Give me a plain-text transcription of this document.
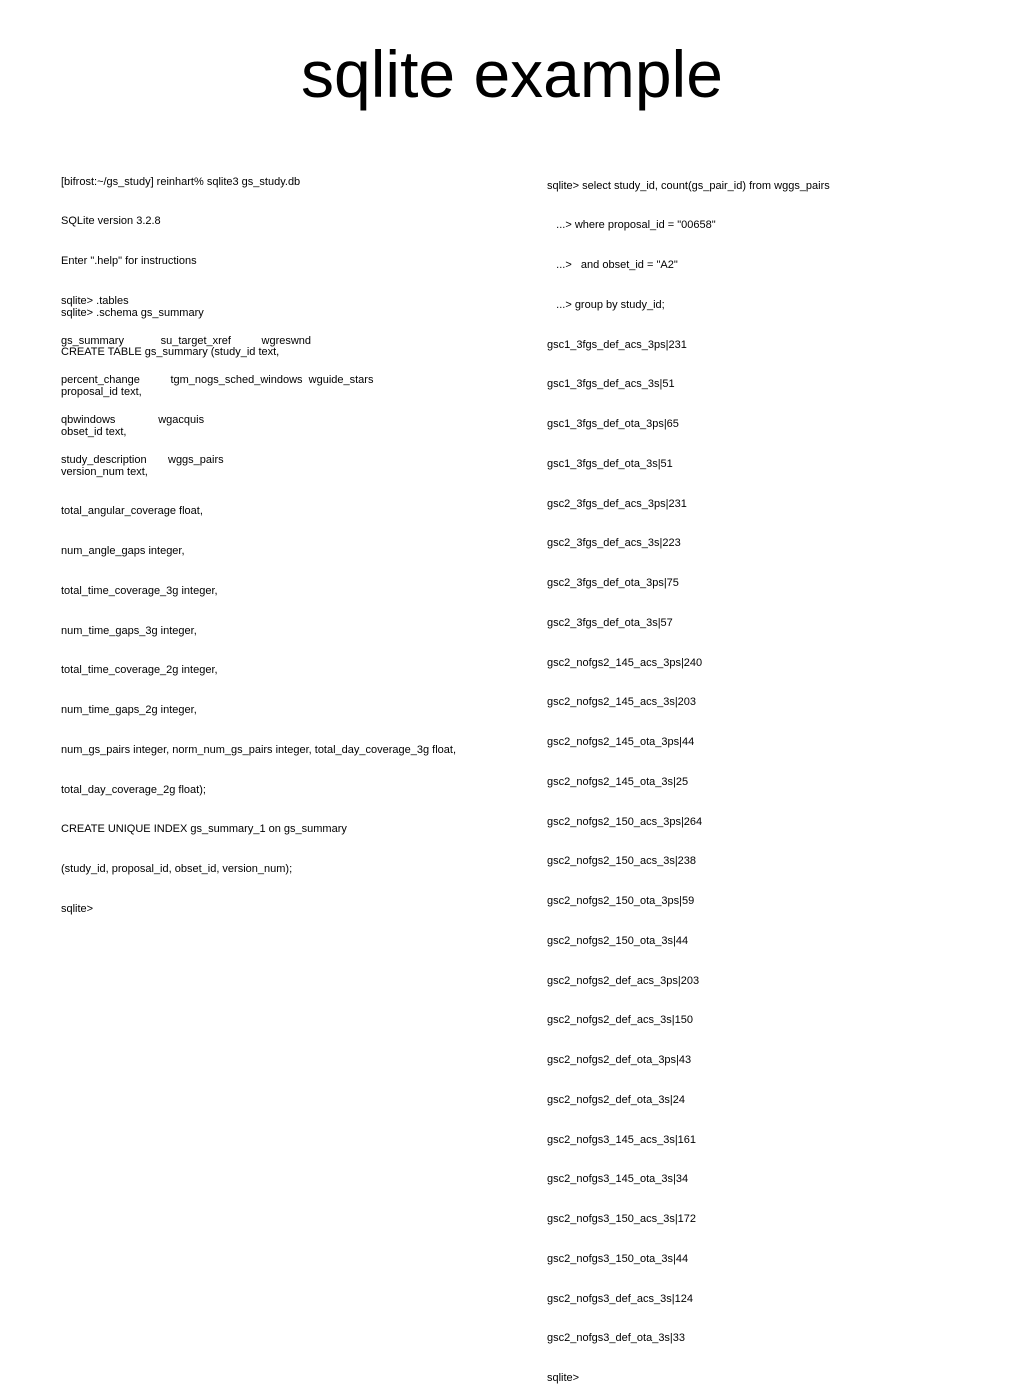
sqlite example

[bifrost:~/gs_study] reinhart% sqlite3 gs_study.db

SQLite version 3.2.8

Enter ".help" for instructions

sqlite> .tables

gs_summary            su_target_xref          wgreswnd

percent_change          tgm_nogs_sched_windows  wguide_stars

qbwindows              wgacquis

study_description       wggs_pairs

sqlite> .schema gs_summary

CREATE TABLE gs_summary (study_id text,

proposal_id text,

obset_id text,

version_num text,

total_angular_coverage float,

num_angle_gaps integer,

total_time_coverage_3g integer,

num_time_gaps_3g integer,

total_time_coverage_2g integer,

num_time_gaps_2g integer,

num_gs_pairs integer, norm_num_gs_pairs integer, total_day_coverage_3g float,

total_day_coverage_2g float);

CREATE UNIQUE INDEX gs_summary_1 on gs_summary

(study_id, proposal_id, obset_id, version_num);

sqlite>

sqlite> select study_id, count(gs_pair_id) from wggs_pairs

...> where proposal_id = "00658"

...>   and obset_id = "A2"

...> group by study_id;

gsc1_3fgs_def_acs_3ps|231

gsc1_3fgs_def_acs_3s|51

gsc1_3fgs_def_ota_3ps|65

gsc1_3fgs_def_ota_3s|51

gsc2_3fgs_def_acs_3ps|231

gsc2_3fgs_def_acs_3s|223

gsc2_3fgs_def_ota_3ps|75

gsc2_3fgs_def_ota_3s|57

gsc2_nofgs2_145_acs_3ps|240

gsc2_nofgs2_145_acs_3s|203

gsc2_nofgs2_145_ota_3ps|44

gsc2_nofgs2_145_ota_3s|25

gsc2_nofgs2_150_acs_3ps|264

gsc2_nofgs2_150_acs_3s|238

gsc2_nofgs2_150_ota_3ps|59

gsc2_nofgs2_150_ota_3s|44

gsc2_nofgs2_def_acs_3ps|203

gsc2_nofgs2_def_acs_3s|150

gsc2_nofgs2_def_ota_3ps|43

gsc2_nofgs2_def_ota_3s|24

gsc2_nofgs3_145_acs_3s|161

gsc2_nofgs3_145_ota_3s|34

gsc2_nofgs3_150_acs_3s|172

gsc2_nofgs3_150_ota_3s|44

gsc2_nofgs3_def_acs_3s|124

gsc2_nofgs3_def_ota_3s|33

sqlite>
